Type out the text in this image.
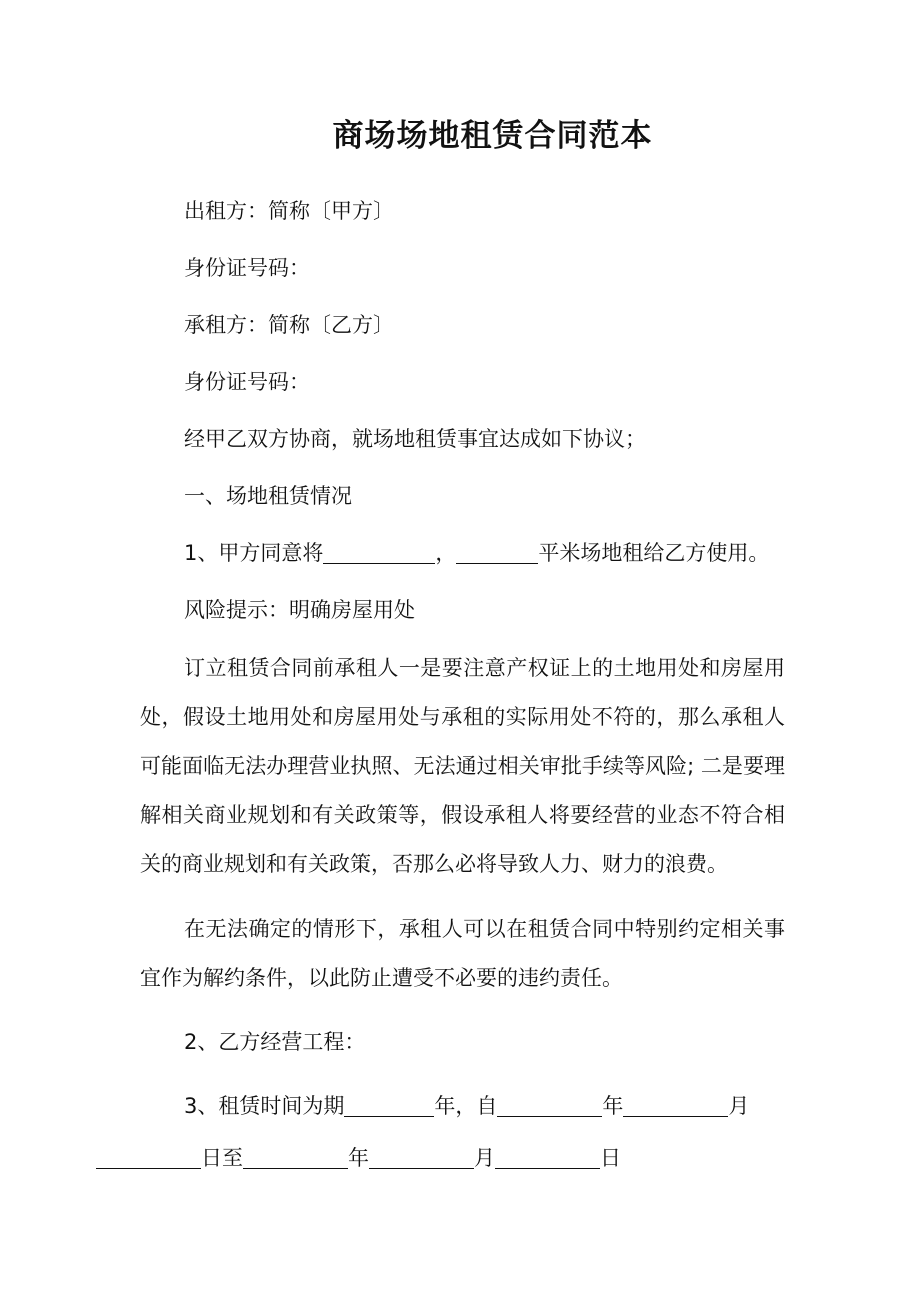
商场场地租赁合同范本

出租方：简称〔甲方〕

身份证号码：

承租方：简称〔乙方〕

身份证号码：

经甲乙双方协商，就场地租赁事宜达成如下协议；

一、场地租赁情况

1、甲方同意将	，	平米场地租给乙方使用。

风险提示：明确房屋用处

订立租赁合同前承租人一是要注意产权证上的土地用处和房屋用处，假设土地用处和房屋用处与承租的实际用处不符的，那么承租人可能面临无法办理营业执照、无法通过相关审批手续等风险; 二是要理解相关商业规划和有关政策等，假设承租人将要经营的业态不符合相关的商业规划和有关政策，否那么必将导致人力、财力的浪费。

在无法确定的情形下，承租人可以在租赁合同中特别约定相关事宜作为解约条件，以此防止遭受不必要的违约责任。

2、乙方经营工程：

3、租赁时间为期	年，自	年	月
日至	年	月	日
